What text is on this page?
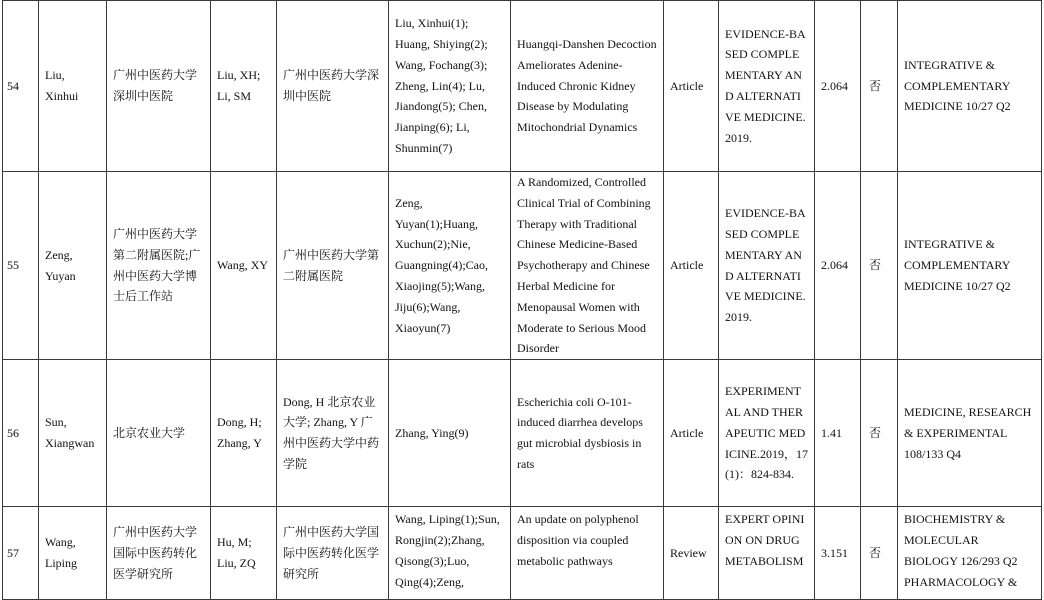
54	Liu, Xinhui	广州中医药大学深圳中医院	Liu, XH; Li, SM	广州中医药大学深圳中医院	Liu, Xinhui(1); Huang, Shiying(2); Wang, Fochang(3); Zheng, Lin(4); Lu, Jiandong(5); Chen, Jianping(6); Li, Shunmin(7)	Huangqi-Danshen Decoction Ameliorates Adenine-Induced Chronic Kidney Disease by Modulating Mitochondrial Dynamics	Article	EVIDENCE-BASED COMPLEMENTARY AND ALTERNATIVE MEDICINE.2019.	2.064	否	INTEGRATIVE & COMPLEMENTARY MEDICINE 10/27 Q2
55	Zeng, Yuyan	广州中医药大学第二附属医院;广州中医药大学博士后工作站	Wang, XY	广州中医药大学第二附属医院	Zeng, Yuyan(1);Huang, Xuchun(2);Nie, Guangning(4);Cao, Xiaojing(5);Wang, Jiju(6);Wang, Xiaoyun(7)	A Randomized, Controlled Clinical Trial of Combining Therapy with Traditional Chinese Medicine-Based Psychotherapy and Chinese Herbal Medicine for Menopausal Women with Moderate to Serious Mood Disorder	Article	EVIDENCE-BASED COMPLEMENTARY AND ALTERNATIVE MEDICINE.2019.	2.064	否	INTEGRATIVE & COMPLEMENTARY MEDICINE 10/27 Q2
56	Sun, Xiangwan	北京农业大学	Dong, H; Zhang, Y	Dong, H 北京农业大学; Zhang, Y 广州中医药大学中药学院	Zhang, Ying(9)	Escherichia coli O-101-induced diarrhea develops gut microbial dysbiosis in rats	Article	EXPERIMENTAL AND THERAPEUTIC MEDICINE.2019，17(1)：824-834.	1.41	否	MEDICINE, RESEARCH & EXPERIMENTAL 108/133 Q4
57	Wang, Liping	广州中医药大学国际中医药转化医学研究所	Hu, M; Liu, ZQ	广州中医药大学国际中医药转化医学研究所	Wang, Liping(1);Sun, Rongjin(2);Zhang, Qisong(3);Luo, Qing(4);Zeng,	An update on polyphenol disposition via coupled metabolic pathways	Review	EXPERT OPINION ON DRUG METABOLISM	3.151	否	BIOCHEMISTRY & MOLECULAR BIOLOGY 126/293 Q2 PHARMACOLOGY &
